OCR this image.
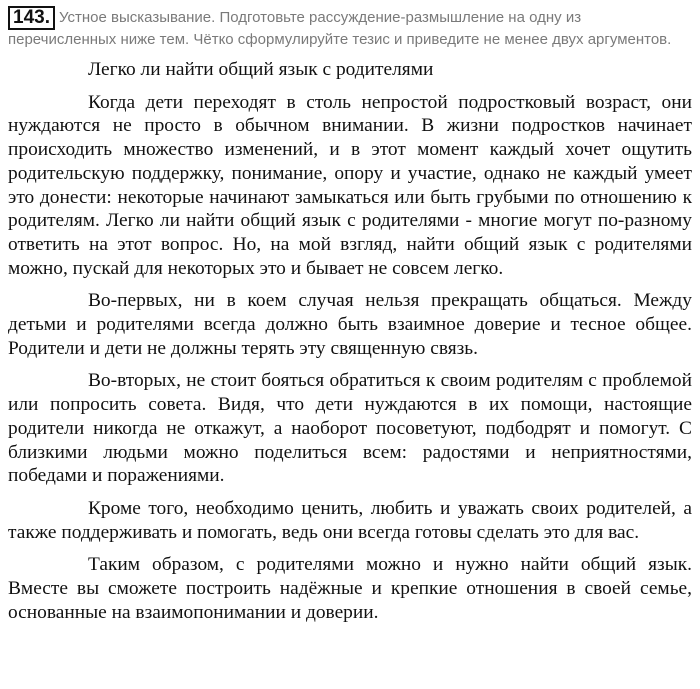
143. Устное высказывание. Подготовьте рассуждение-размышление на одну из перечисленных ниже тем. Чётко сформулируйте тезис и приведите не менее двух аргументов.

Легко ли найти общий язык с родителями

Когда дети переходят в столь непростой подростковый возраст, они нуждаются не просто в обычном внимании. В жизни подростков начинает происходить множество изменений, и в этот момент каждый хочет ощутить родительскую поддержку, понимание, опору и участие, однако не каждый умеет это донести: некоторые начинают замыкаться или быть грубыми по отношению к родителям. Легко ли найти общий язык с родителями - многие могут по-разному ответить на этот вопрос. Но, на мой взгляд, найти общий язык с родителями можно, пускай для некоторых это и бывает не совсем легко.

Во-первых, ни в коем случая нельзя прекращать общаться. Между детьми и родителями всегда должно быть взаимное доверие и тесное общее. Родители и дети не должны терять эту священную связь.

Во-вторых, не стоит бояться обратиться к своим родителям с проблемой или попросить совета. Видя, что дети нуждаются в их помощи, настоящие родители никогда не откажут, а наоборот посоветуют, подбодрят и помогут. С близкими людьми можно поделиться всем: радостями и неприятностями, победами и поражениями.

Кроме того, необходимо ценить, любить и уважать своих родителей, а также поддерживать и помогать, ведь они всегда готовы сделать это для вас.

Таким образом, с родителями можно и нужно найти общий язык. Вместе вы сможете построить надёжные и крепкие отношения в своей семье, основанные на взаимопонимании и доверии.
